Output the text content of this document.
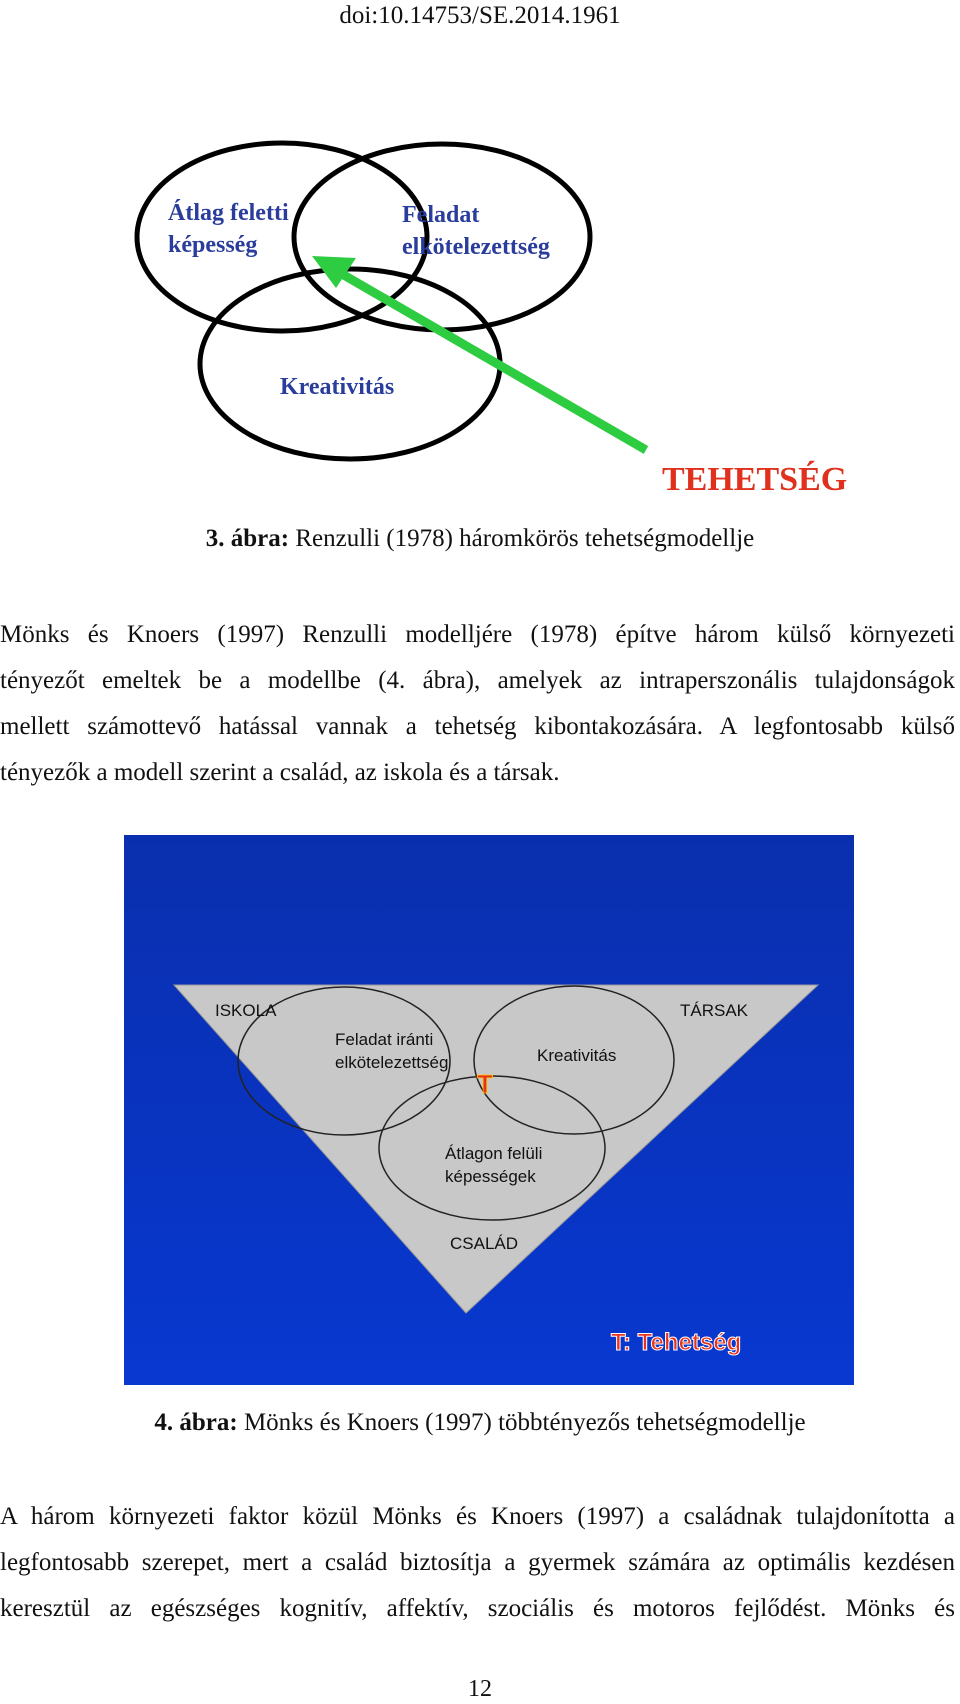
doi:10.14753/SE.2014.1961
Átlag feletti
képesség
Feladat
elkötelezettség
Kreativitás
TEHETSÉG
3. ábra: Renzulli (1978) háromkörös tehetségmodellje
Mönks és Knoers (1997) Renzulli modelljére (1978) építve három külső környezeti
tényezőt emeltek be a modellbe (4. ábra), amelyek az intraperszonális tulajdonságok
mellett számottevő hatással vannak a tehetség kibontakozására. A legfontosabb külső
tényezők a modell szerint a család, az iskola és a társak.
ISKOLA	TÁRSAK
Feladat iránti
elkötelezettség	Kreativitás
Átlagon felüli
képességek
CSALÁD
T
T: Tehetség
4. ábra: Mönks és Knoers (1997) többtényezős tehetségmodellje
A három környezeti faktor közül Mönks és Knoers (1997) a családnak tulajdonította a
legfontosabb szerepet, mert a család biztosítja a gyermek számára az optimális kezdésen
keresztül az egészséges kognitív, affektív, szociális és motoros fejlődést. Mönks és
12
